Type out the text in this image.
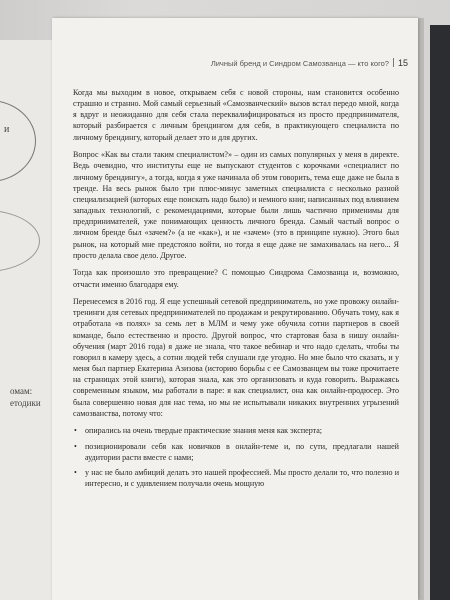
и
омам:
етодики
Личный бренд и Синдром Самозванца — кто кого? 15

Когда мы выходим в новое, открываем себя с новой стороны, нам становится особенно страшно и странно. Мой самый серьезный «Самозванческий» вызов встал передо мной, когда я вдруг и неожиданно для себя стала переквалифицироваться из просто предпринимателя, который разбирается с личным брендингом для себя, в практикующего специалиста по личному брендингу, который делает это и для других.

Вопрос «Как вы стали таким специалистом?» – один из самых популярных у меня в директе. Ведь очевидно, что институты еще не выпускают студентов с корочками «специалист по личному брендингу», а тогда, когда я уже начинала об этом говорить, тема еще даже не была в тренде. На весь рынок было три плюс-минус заметных специалиста с несколько разной специализацией (которых еще поискать надо было) и немного книг, написанных под влиянием западных технологий, с рекомендациями, которые были лишь частично применимы для предпринимателей, уже понимающих ценность личного бренда. Самый частый вопрос о личном бренде был «зачем?» (а не «как»), и не «зачем» (это в принципе нужно). Этого был рынок, на который мне предстояло войти, но тогда я еще даже не замахивалась на него... Я просто делала свое дело. Другое.

Тогда как произошло это превращение? С помощью Синдрома Самозванца и, возможно, отчасти именно благодаря ему.

Перенесемся в 2016 год. Я еще успешный сетевой предприниматель, но уже провожу онлайн-тренинги для сетевых предпринимателей по продажам и рекрутированию. Обучать тому, как я отработала «в полях» за семь лет в МЛМ и чему уже обучила сотни партнеров в своей команде, было естественно и просто. Другой вопрос, что стартовая база в нишу онлайн-обучения (март 2016 года) я даже не знала, что такое вебинар и что надо сделать, чтобы ты говорил в камеру здесь, а сотни людей тебя слушали где угодно. Но мне было что сказать, и у меня был партнер Екатерина Азизова (историю борьбы с ее Самозванцем вы тоже прочитаете на страницах этой книги), которая знала, как это организовать и куда говорить. Выражаясь современным языком, мы работали в паре: я как специалист, она как онлайн-продюсер. Это была совершенно новая для нас тема, но мы не испытывали никаких внутренних угрызений самозванства, потому что:

• опирались на очень твердые практические знания меня как эксперта;
• позиционировали себя как новичков в онлайн-теме и, по сути, предлагали нашей аудитории расти вместе с нами;
• у нас не было амбиций делать это нашей профессией. Мы просто делали то, что полезно и интересно, и с удивлением получали очень мощную
